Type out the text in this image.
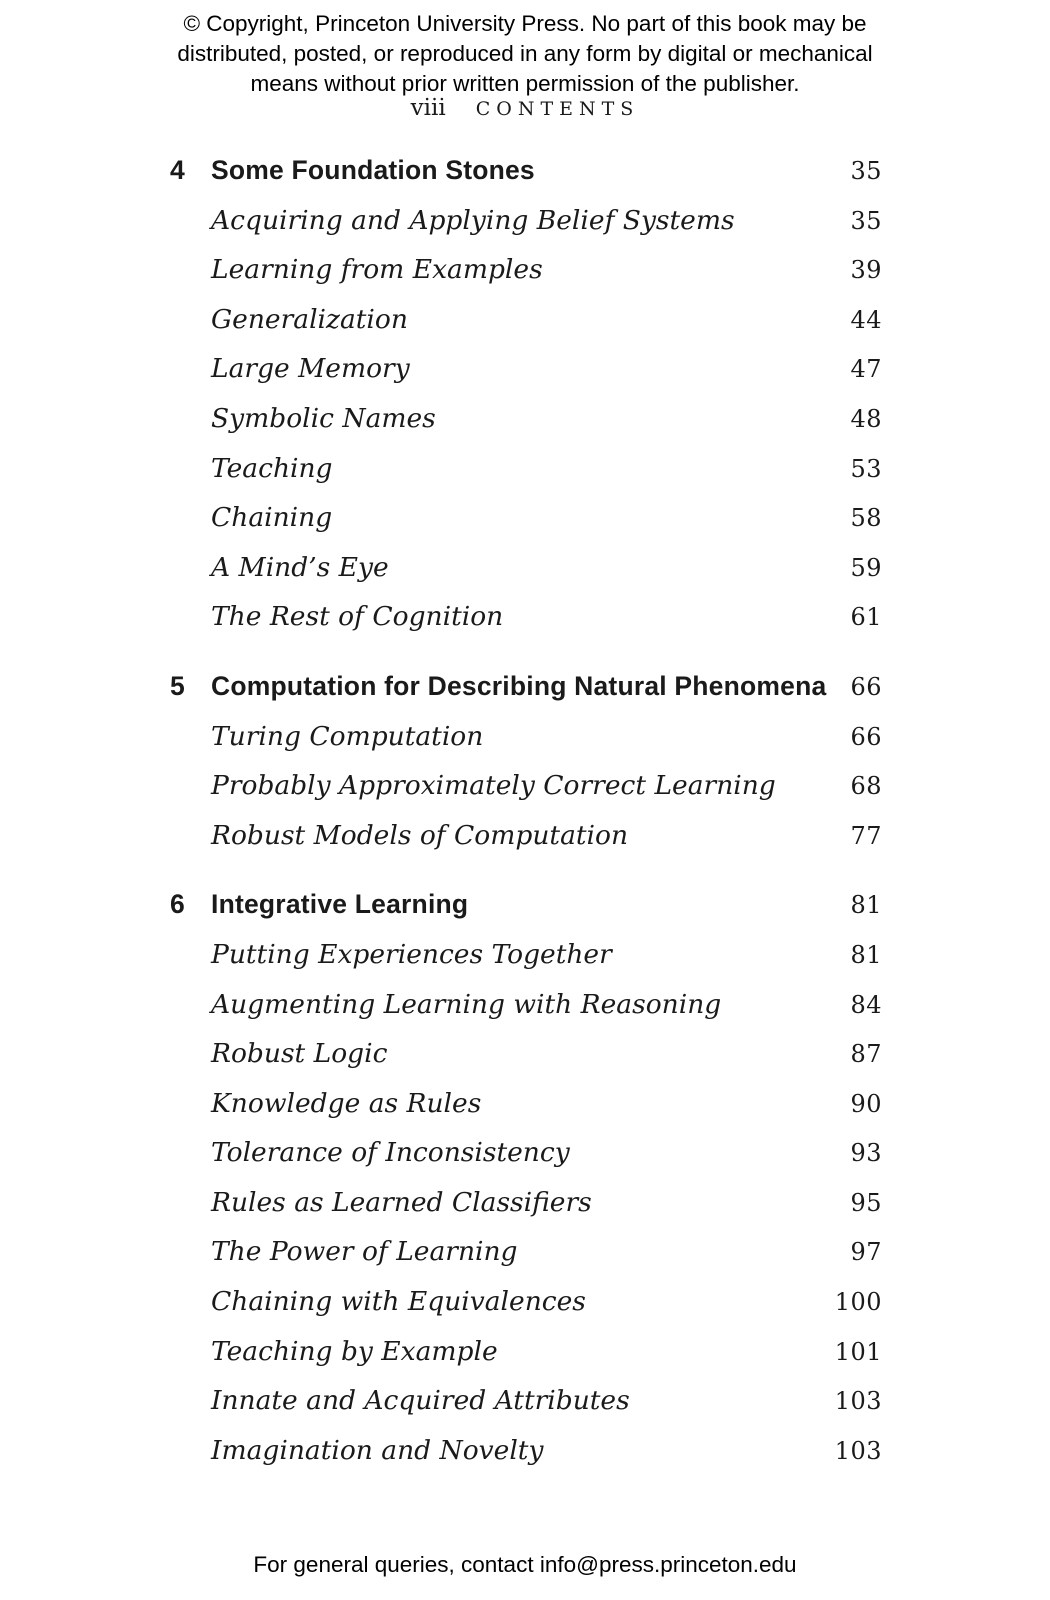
© Copyright, Princeton University Press. No part of this book may be
distributed, posted, or reproduced in any form by digital or mechanical
means without prior written permission of the publisher.
viii CONTENTS
4 Some Foundation Stones	35
Acquiring and Applying Belief Systems	35
Learning from Examples	39
Generalization	44
Large Memory	47
Symbolic Names	48
Teaching	53
Chaining	58
A Mind’s Eye	59
The Rest of Cognition	61
5 Computation for Describing Natural Phenomena 66
Turing Computation	66
Probably Approximately Correct Learning	68
Robust Models of Computation	77
6 Integrative Learning	81
Putting Experiences Together	81
Augmenting Learning with Reasoning	84
Robust Logic	87
Knowledge as Rules	90
Tolerance of Inconsistency	93
Rules as Learned Classifiers	95
The Power of Learning	97
Chaining with Equivalences	100
Teaching by Example	101
Innate and Acquired Attributes	103
Imagination and Novelty	103
For general queries, contact info@press.princeton.edu
